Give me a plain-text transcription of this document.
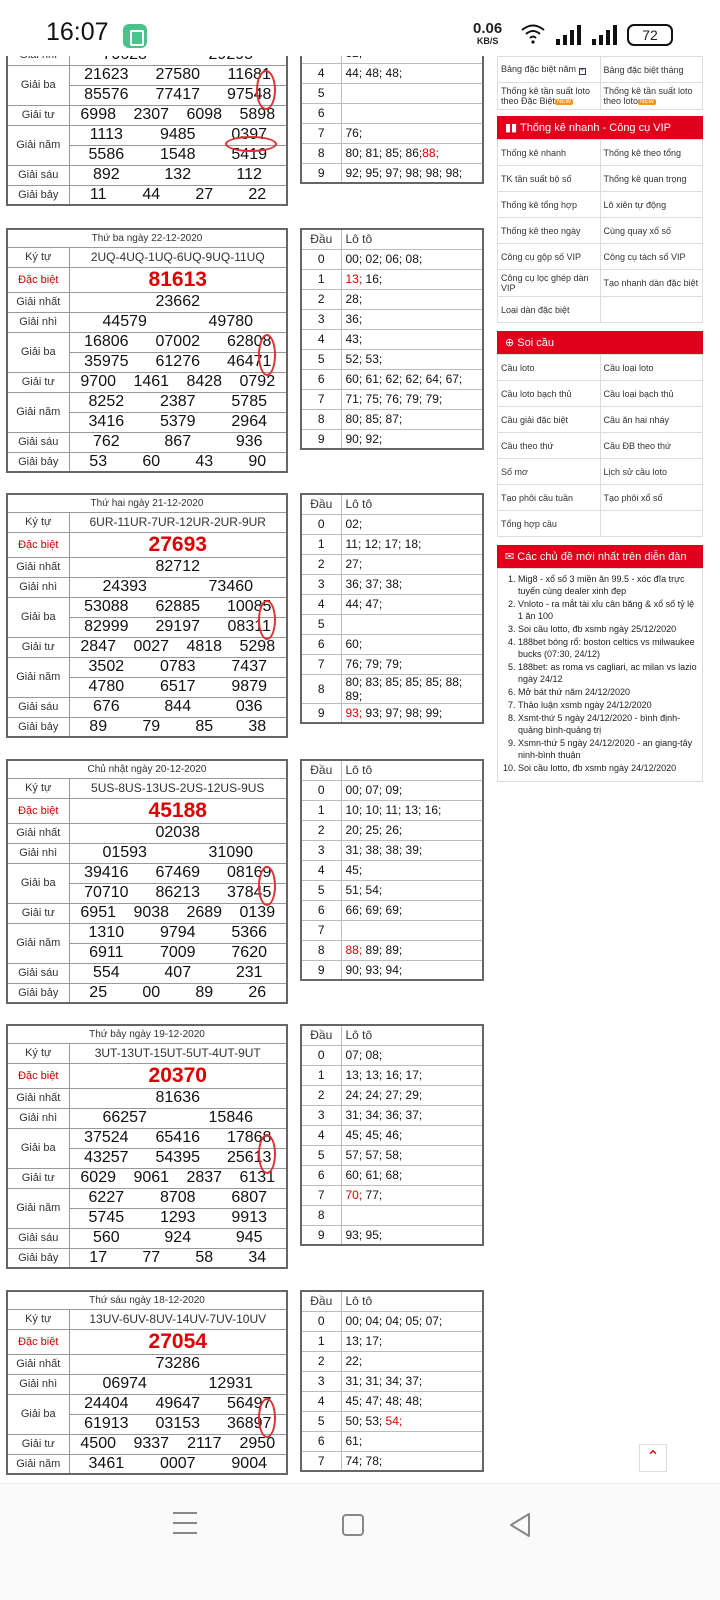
Giải ba	21623 27580 11681
	85576 77417 97548
Giải tư	6998 2307 6098 5898
Giải năm	1113 9485 0397
	5586 1548 5419
Giải sáu	892 132 112
Giải bảy	11 44 27 22

4	44; 48; 48;
5	
6	
7	76;
8	80; 81; 85; 86;88;
9	92; 95; 97; 98; 98; 98;
Thứ ba ngày 22-12-2020	
Ký tự	2UQ-4UQ-1UQ-6UQ-9UQ-11UQ
Đặc biệt	81613
Giải nhất	23662
Giải nhì	44579 49780
Giải ba	16806 07002 62808
	35975 61276 46471
Giải tư	9700 1461 8428 0792
Giải năm	8252 2387 5785
	3416 5379 2964
Giải sáu	762 867 936
Giải bảy	53 60 43 90
Đầu	Lô tô
0	00; 02; 06; 08;
1	13; 16;
2	28;
3	36;
4	43;
5	52; 53;
6	60; 61; 62; 62; 64; 67;
7	71; 75; 76; 79; 79;
8	80; 85; 87;
9	90; 92;
Thứ hai ngày 21-12-2020	
Ký tự	6UR-11UR-7UR-12UR-2UR-9UR
Đặc biệt	27693
Giải nhất	82712
Giải nhì	24393 73460
Giải ba	53088 62885 10085
	82999 29197 08311
Giải tư	2847 0027 4818 5298
Giải năm	3502 0783 7437
	4780 6517 9879
Giải sáu	676 844 036
Giải bảy	89 79 85 38
Đầu	Lô tô
0	02;
1	11; 12; 17; 18;
2	27;
3	36; 37; 38;
4	44; 47;
5	
6	60;
7	76; 79; 79;
8	80; 83; 85; 85; 85; 88; 89;
9	93; 93; 97; 98; 99;
Chủ nhật ngày 20-12-2020	
Ký tự	5US-8US-13US-2US-12US-9US
Đặc biệt	45188
Giải nhất	02038
Giải nhì	01593 31090
Giải ba	39416 67469 08169
	70710 86213 37845
Giải tư	6951 9038 2689 0139
Giải năm	1310 9794 5366
	6911 7009 7620
Giải sáu	554 407 231
Giải bảy	25 00 89 26
Đầu	Lô tô
0	00; 07; 09;
1	10; 10; 11; 13; 16;
2	20; 25; 26;
3	31; 38; 38; 39;
4	45;
5	51; 54;
6	66; 69; 69;
7	
8	88; 89; 89;
9	90; 93; 94;
Thứ bảy ngày 19-12-2020	
Ký tự	3UT-13UT-15UT-5UT-4UT-9UT
Đặc biệt	20370
Giải nhất	81636
Giải nhì	66257 15846
Giải ba	37524 65416 17868
	43257 54395 25613
Giải tư	6029 9061 2837 6131
Giải năm	6227 8708 6807
	5745 1293 9913
Giải sáu	560 924 945
Giải bảy	17 77 58 34
Đầu	Lô tô
0	07; 08;
1	13; 13; 16; 17;
2	24; 24; 27; 29;
3	31; 34; 36; 37;
4	45; 45; 46;
5	57; 57; 58;
6	60; 61; 68;
7	70; 77;
8	
9	93; 95;
Thứ sáu ngày 18-12-2020	
Ký tự	13UV-6UV-8UV-14UV-7UV-10UV
Đặc biệt	27054
Giải nhất	73286
Giải nhì	06974 12931
Giải ba	24404 49647 56497
	61913 03153 36897
Giải tư	4500 9337 2117 2950
Giải năm	3461 0007 9004
Đầu	Lô tô
0	00; 04; 04; 05; 07;
1	13; 17;
2	22;
3	31; 31; 34; 37;
4	45; 47; 48; 48;
5	50; 53; 54;
6	61;
7	74; 78;
Bảng đặc biệt năm +	Bảng đặc biệt tháng
Thống kê tần suất loto theo Đặc Biệt NEW	Thống kê tần suất loto theo loto NEW
▮▮ Thống kê nhanh - Công cụ VIP
Thống kê nhanh	Thống kê theo tổng
TK tần suất bộ số	Thống kê quan trọng
Thống kê tổng hợp	Lô xiên tự động
Thống kê theo ngày	Cùng quay xổ số
Công cụ gộp số VIP	Công cụ tách số VIP
Công cụ lọc ghép dàn VIP	Tạo nhanh dàn đặc biệt
Loại dàn đặc biệt	
⊕ Soi cầu
Cầu loto	Cầu loại loto
Cầu loto bạch thủ	Cầu loại bạch thủ
Cầu giải đặc biệt	Cầu ăn hai nháy
Cầu theo thứ	Cầu ĐB theo thứ
Số mơ	Lịch sử cầu loto
Tạo phôi cầu tuần	Tạo phôi xổ số
Tổng hợp cầu	
✉ Các chủ đề mới nhất trên diễn đàn
1. Mig8 - xổ số 3 miền ăn 99.5 - xóc đĩa trực tuyến cùng dealer xinh đẹp
2. Vnloto - ra mắt tài xỉu cân băng & xổ số tỷ lệ 1 ăn 100
3. Soi cầu lotto, đb xsmb ngày 25/12/2020
4. 188bet bóng rổ: boston celtics vs milwaukee bucks (07:30, 24/12)
5. 188bet: as roma vs cagliari, ac milan vs lazio ngày 24/12
6. Mở bát thứ năm 24/12/2020
7. Thảo luận xsmb ngày 24/12/2020
8. Xsmt-thứ 5 ngày 24/12/2020 - bình định-quảng bình-quảng trị
9. Xsmn-thứ 5 ngày 24/12/2020 - an giang-tây ninh-bình thuận
10. Soi cầu lotto, đb xsmb ngày 24/12/2020
⌃
16:07	0.06
KB/S	72
